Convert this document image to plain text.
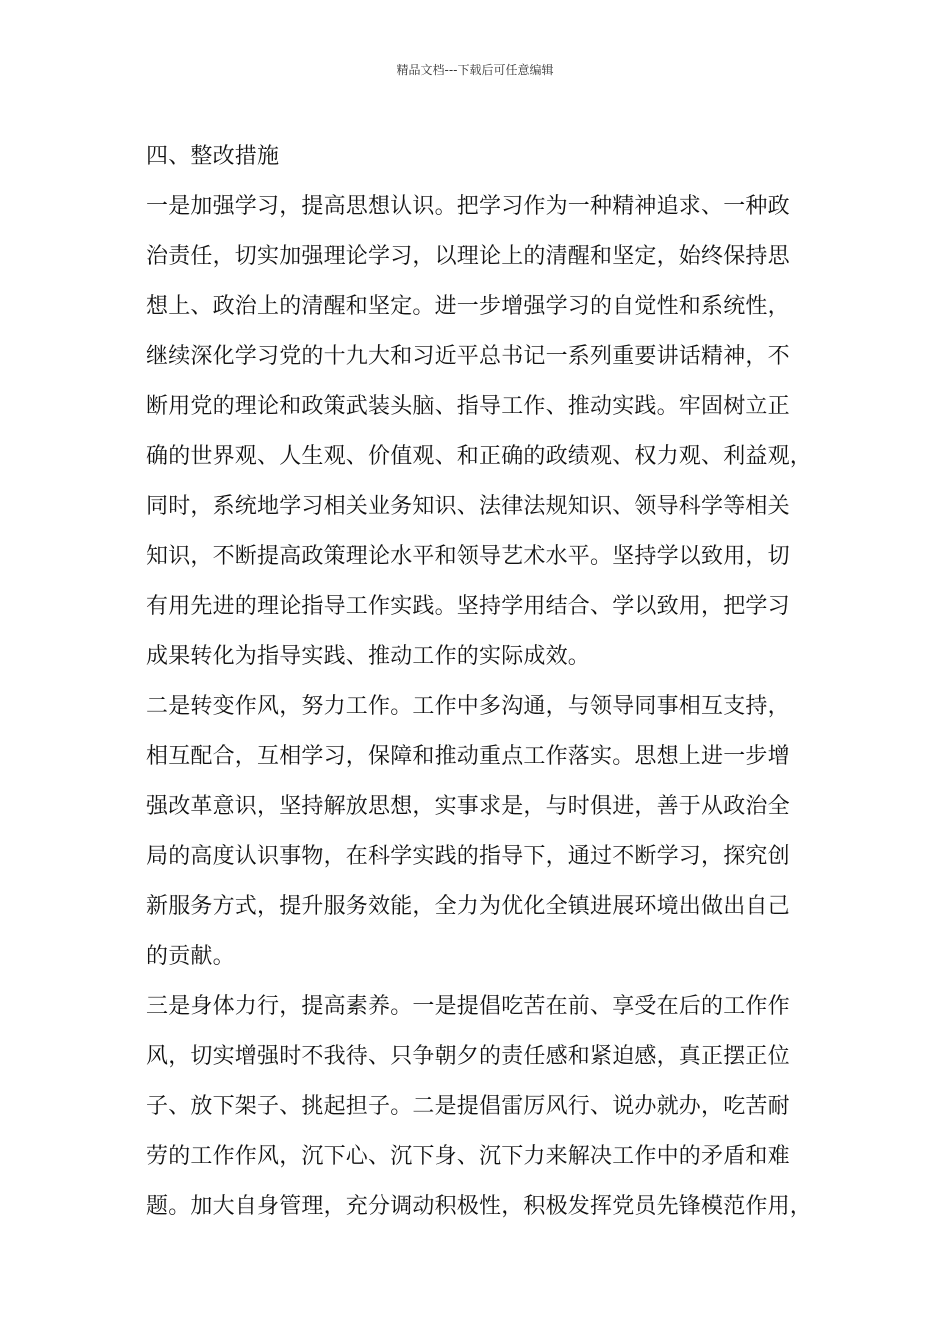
精品文档---下载后可任意编辑
四、整改措施
一是加强学习，提高思想认识。把学习作为一种精神追求、一种政
治责任，切实加强理论学习，以理论上的清醒和坚定，始终保持思
想上、政治上的清醒和坚定。进一步增强学习的自觉性和系统性，
继续深化学习党的十九大和习近平总书记一系列重要讲话精神，不
断用党的理论和政策武装头脑、指导工作、推动实践。牢固树立正
确的世界观、人生观、价值观、和正确的政绩观、权力观、利益观，
同时，系统地学习相关业务知识、法律法规知识、领导科学等相关
知识，不断提高政策理论水平和领导艺术水平。坚持学以致用，切
有用先进的理论指导工作实践。坚持学用结合、学以致用，把学习
成果转化为指导实践、推动工作的实际成效。
二是转变作风，努力工作。工作中多沟通，与领导同事相互支持，
相互配合，互相学习，保障和推动重点工作落实。思想上进一步增
强改革意识，坚持解放思想，实事求是，与时俱进，善于从政治全
局的高度认识事物，在科学实践的指导下，通过不断学习，探究创
新服务方式，提升服务效能，全力为优化全镇进展环境出做出自己
的贡献。
三是身体力行，提高素养。一是提倡吃苦在前、享受在后的工作作
风，切实增强时不我待、只争朝夕的责任感和紧迫感，真正摆正位
子、放下架子、挑起担子。二是提倡雷厉风行、说办就办，吃苦耐
劳的工作作风，沉下心、沉下身、沉下力来解决工作中的矛盾和难
题。加大自身管理，充分调动积极性，积极发挥党员先锋模范作用，
